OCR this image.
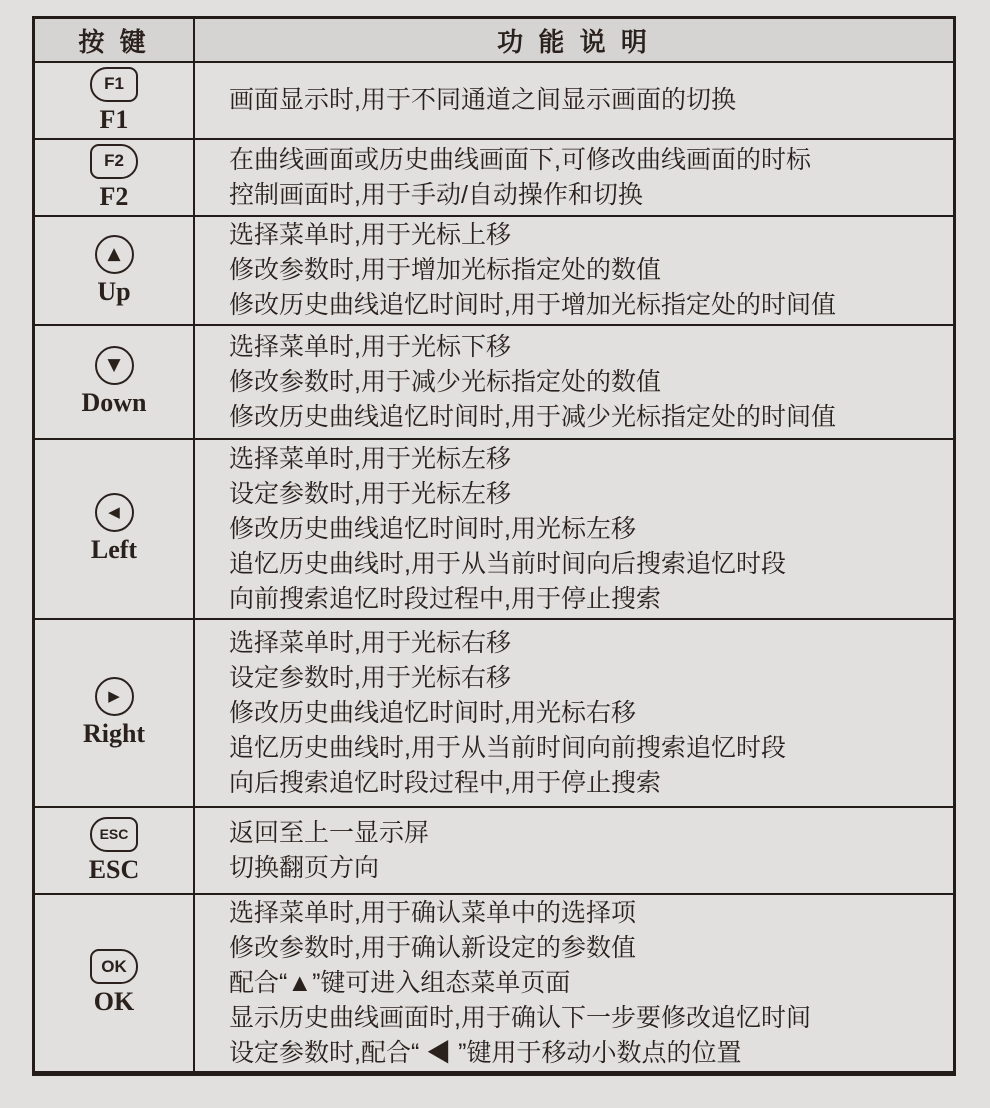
按 键	功 能 说 明
F1
F1
画面显示时,用于不同通道之间显示画面的切换
F2
F2
在曲线画面或历史曲线画面下,可修改曲线画面的时标
控制画面时,用于手动/自动操作和切换
▲
Up
选择菜单时,用于光标上移
修改参数时,用于增加光标指定处的数值
修改历史曲线追忆时间时,用于增加光标指定处的时间值
▼
Down
选择菜单时,用于光标下移
修改参数时,用于减少光标指定处的数值
修改历史曲线追忆时间时,用于减少光标指定处的时间值
◀
Left
选择菜单时,用于光标左移
设定参数时,用于光标左移
修改历史曲线追忆时间时,用光标左移
追忆历史曲线时,用于从当前时间向后搜索追忆时段
向前搜索追忆时段过程中,用于停止搜索
▶
Right
选择菜单时,用于光标右移
设定参数时,用于光标右移
修改历史曲线追忆时间时,用光标右移
追忆历史曲线时,用于从当前时间向前搜索追忆时段
向后搜索追忆时段过程中,用于停止搜索
ESC
ESC
返回至上一显示屏
切换翻页方向
OK
OK
选择菜单时,用于确认菜单中的选择项
修改参数时,用于确认新设定的参数值
配合“▲”键可进入组态菜单页面
显示历史曲线画面时,用于确认下一步要修改追忆时间
设定参数时,配合“ ◀ ”键用于移动小数点的位置
